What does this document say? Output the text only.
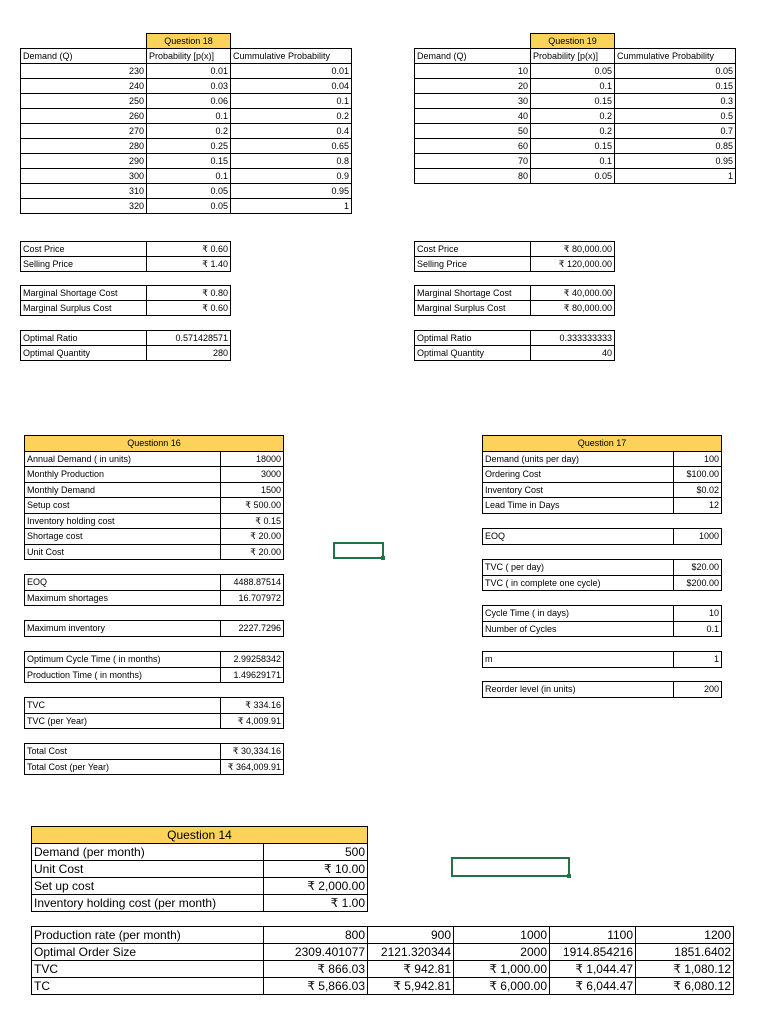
	Question 18	
Demand (Q)	Probability [p(x)]	Cummulative Probability
230	0.01	0.01
240	0.03	0.04
250	0.06	0.1
260	0.1	0.2
270	0.2	0.4
280	0.25	0.65
290	0.15	0.8
300	0.1	0.9
310	0.05	0.95
320	0.05	1
Cost Price	₹ 0.60
Selling Price	₹ 1.40
Marginal Shortage Cost	₹ 0.80
Marginal Surplus Cost	₹ 0.60
Optimal Ratio	0.571428571
Optimal Quantity	280
	Question 19	
Demand (Q)	Probability [p(x)]	Cummulative Probability
10	0.05	0.05
20	0.1	0.15
30	0.15	0.3
40	0.2	0.5
50	0.2	0.7
60	0.15	0.85
70	0.1	0.95
80	0.05	1
Cost Price	₹ 80,000.00
Selling Price	₹ 120,000.00
Marginal Shortage Cost	₹ 40,000.00
Marginal Surplus Cost	₹ 80,000.00
Optimal Ratio	0.333333333
Optimal Quantity	40
Questionn 16	
Annual Demand ( in units)	18000
Monthly Production	3000
Monthly Demand	1500
Setup cost	₹ 500.00
Inventory holding cost	₹ 0.15
Shortage cost	₹ 20.00
Unit Cost	₹ 20.00
EOQ	4488.87514
Maximum shortages	16.707972
Maximum inventory	2227.7296
Optimum Cycle Time ( in months)	2.99258342
Production Time ( in months)	1.49629171
TVC	₹ 334.16
TVC (per Year)	₹ 4,009.91
Total Cost	₹ 30,334.16
Total Cost (per Year)	₹ 364,009.91
Question 17	
Demand (units per day)	100
Ordering Cost	$100.00
Inventory Cost	$0.02
Lead Time in Days	12
EOQ	1000
TVC ( per day)	$20.00
TVC ( in complete one cycle)	$200.00
Cycle Time ( in days)	10
Number of Cycles	0.1
m	1
Reorder level (in units)	200
Question 14	
Demand (per month)	500
Unit Cost	₹ 10.00
Set up cost	₹ 2,000.00
Inventory holding cost (per month)	₹ 1.00
Production rate (per month)	800	900	1000	1100	1200
Optimal Order Size	2309.401077	2121.320344	2000	1914.854216	1851.6402
TVC	₹ 866.03	₹ 942.81	₹ 1,000.00	₹ 1,044.47	₹ 1,080.12
TC	₹ 5,866.03	₹ 5,942.81	₹ 6,000.00	₹ 6,044.47	₹ 6,080.12
